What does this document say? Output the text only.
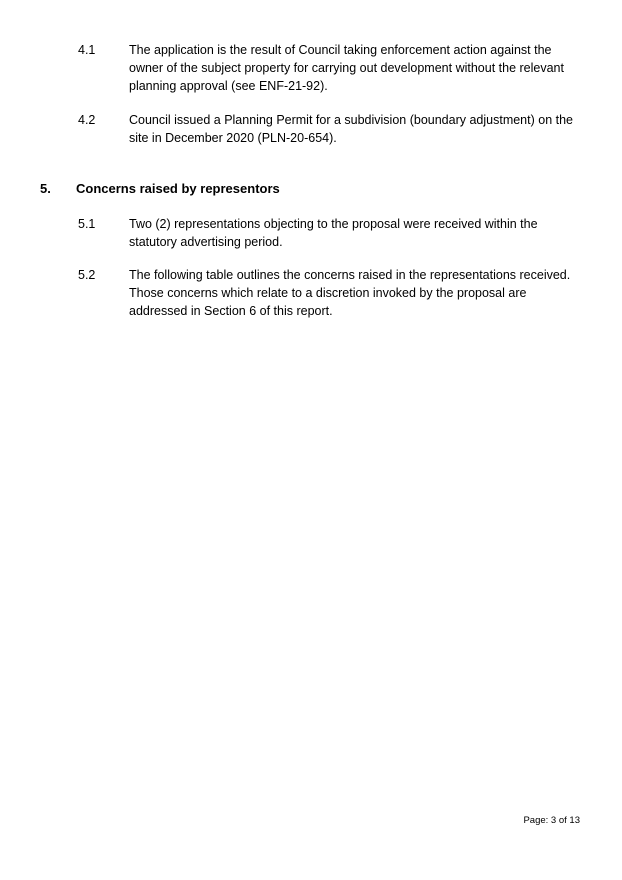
4.1	The application is the result of Council taking enforcement action against the owner of the subject property for carrying out development without the relevant planning approval (see ENF-21-92).
4.2	Council issued a Planning Permit for a subdivision (boundary adjustment) on the site in December 2020 (PLN-20-654).
5. Concerns raised by representors
5.1	Two (2) representations objecting to the proposal were received within the statutory advertising period.
5.2	The following table outlines the concerns raised in the representations received. Those concerns which relate to a discretion invoked by the proposal are addressed in Section 6 of this report.
Page: 3 of 13
